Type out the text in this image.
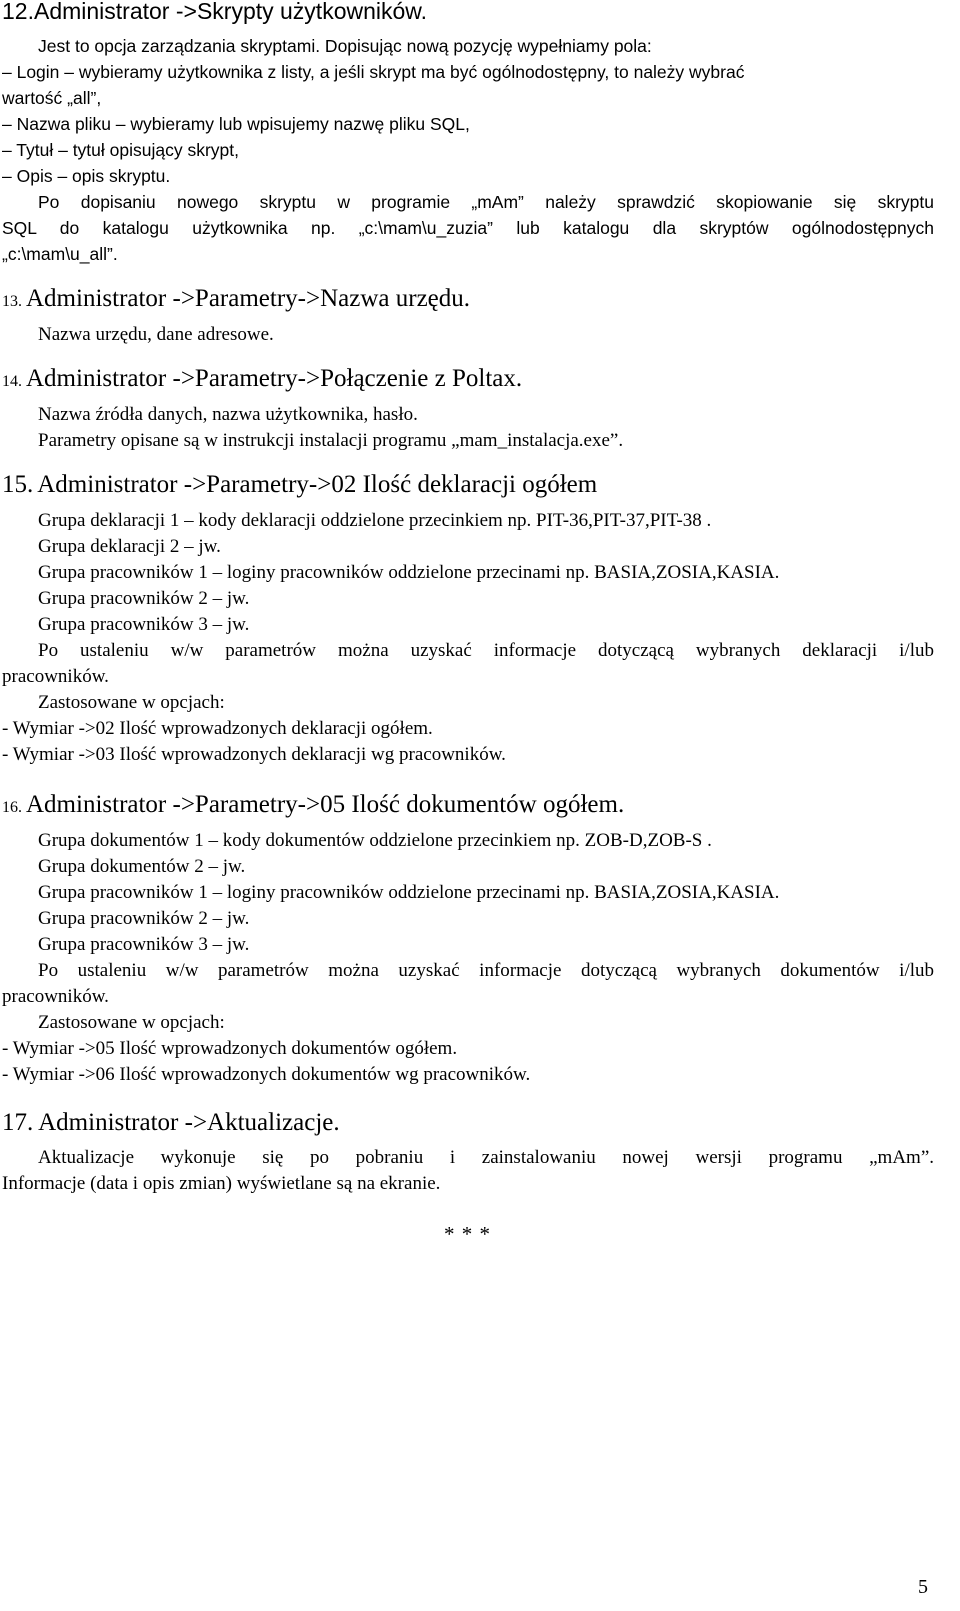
12.Administrator ->Skrypty użytkowników.
Jest to opcja zarządzania skryptami. Dopisując nową pozycję wypełniamy pola:
– Login – wybieramy użytkownika z listy, a jeśli skrypt ma być ogólnodostępny, to należy wybrać
wartość „all”,
– Nazwa pliku – wybieramy lub wpisujemy nazwę pliku SQL,
– Tytuł – tytuł opisujący skrypt,
– Opis – opis skryptu.
Po dopisaniu nowego skryptu w programie „mAm” należy sprawdzić skopiowanie się skryptu
SQL do katalogu użytkownika np. „c:\mam\u_zuzia” lub katalogu dla skryptów ogólnodostępnych
„c:\mam\u_all”.
13. Administrator ->Parametry->Nazwa urzędu.
Nazwa urzędu, dane adresowe.
14. Administrator ->Parametry->Połączenie z Poltax.
Nazwa źródła danych, nazwa użytkownika, hasło.
Parametry opisane są w instrukcji instalacji programu „mam_instalacja.exe”.
15. Administrator ->Parametry->02 Ilość deklaracji ogółem
Grupa deklaracji 1 – kody deklaracji oddzielone przecinkiem np. PIT-36,PIT-37,PIT-38 .
Grupa deklaracji 2 – jw.
Grupa pracowników 1 – loginy pracowników oddzielone przecinami np. BASIA,ZOSIA,KASIA.
Grupa pracowników 2 – jw.
Grupa pracowników 3 – jw.
Po ustaleniu w/w parametrów można uzyskać informacje dotyczącą wybranych deklaracji i/lub
pracowników.
Zastosowane w opcjach:
- Wymiar ->02 Ilość wprowadzonych deklaracji ogółem.
- Wymiar ->03 Ilość wprowadzonych deklaracji wg pracowników.
16. Administrator ->Parametry->05 Ilość dokumentów ogółem.
Grupa dokumentów 1 – kody dokumentów oddzielone przecinkiem np. ZOB-D,ZOB-S .
Grupa dokumentów 2 – jw.
Grupa pracowników 1 – loginy pracowników oddzielone przecinami np. BASIA,ZOSIA,KASIA.
Grupa pracowników 2 – jw.
Grupa pracowników 3 – jw.
Po ustaleniu w/w parametrów można uzyskać informacje dotyczącą wybranych dokumentów i/lub
pracowników.
Zastosowane w opcjach:
- Wymiar ->05 Ilość wprowadzonych dokumentów ogółem.
- Wymiar ->06 Ilość wprowadzonych dokumentów wg pracowników.
17. Administrator ->Aktualizacje.
Aktualizacje wykonuje się po pobraniu i zainstalowaniu nowej wersji programu „mAm”.
Informacje (data i opis zmian) wyświetlane są na ekranie.
* * *
5
